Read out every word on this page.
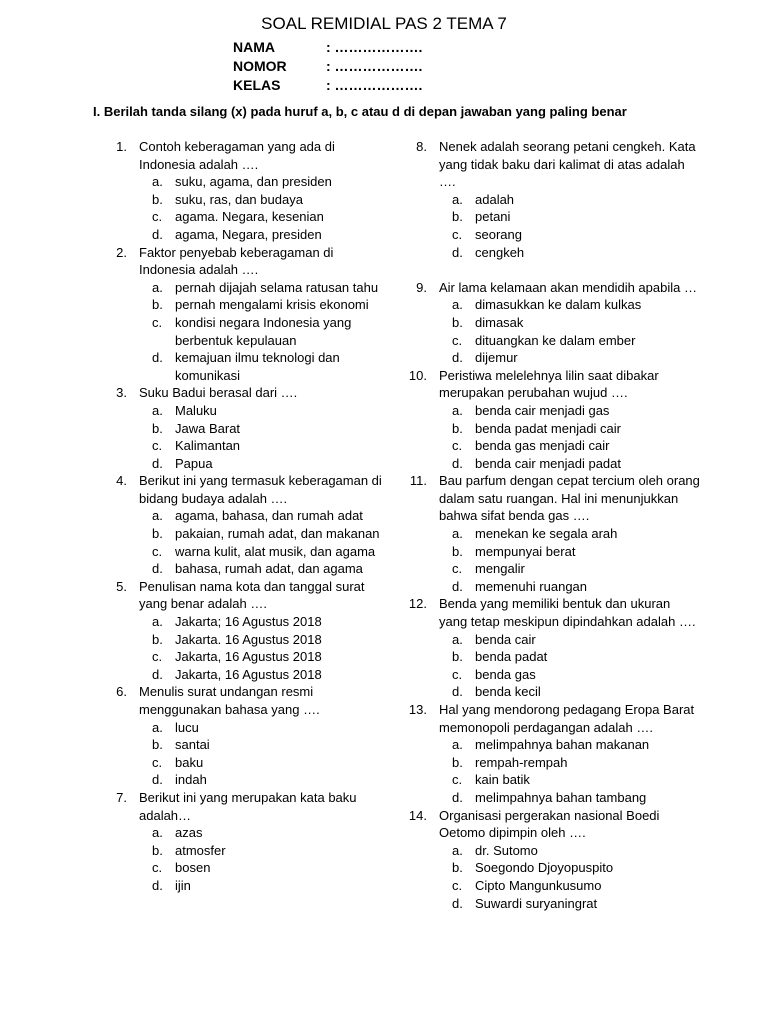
SOAL REMIDIAL PAS 2 TEMA 7
NAMA	: ……………….
NOMOR	: ……………….
KELAS	: ……………….
I. Berilah tanda silang (x) pada huruf a, b, c atau d di depan jawaban yang paling benar
1. Contoh keberagaman yang ada di Indonesia adalah ….
a. suku, agama, dan presiden
b. suku, ras, dan budaya
c. agama. Negara, kesenian
d. agama, Negara, presiden
2. Faktor penyebab keberagaman di Indonesia adalah ….
a. pernah dijajah selama ratusan tahu
b. pernah mengalami krisis ekonomi
c. kondisi negara Indonesia yang berbentuk kepulauan
d. kemajuan ilmu teknologi dan komunikasi
3. Suku Badui berasal dari ….
a. Maluku
b. Jawa Barat
c. Kalimantan
d. Papua
4. Berikut ini yang termasuk keberagaman di bidang budaya adalah ….
a. agama, bahasa, dan rumah adat
b. pakaian, rumah adat, dan makanan
c. warna kulit, alat musik, dan agama
d. bahasa, rumah adat, dan agama
5. Penulisan nama kota dan tanggal surat yang benar adalah ….
a. Jakarta; 16 Agustus 2018
b. Jakarta. 16 Agustus 2018
c. Jakarta, 16 Agustus 2018
d. Jakarta, 16 Agustus 2018
6. Menulis surat undangan resmi menggunakan bahasa yang ….
a. lucu
b. santai
c. baku
d. indah
7. Berikut ini yang merupakan kata baku adalah…
a. azas
b. atmosfer
c. bosen
d. ijin
8. Nenek adalah seorang petani cengkeh. Kata yang tidak baku dari kalimat di atas adalah ….
a. adalah
b. petani
c. seorang
d. cengkeh
9. Air lama kelamaan akan mendidih apabila …
a. dimasukkan ke dalam kulkas
b. dimasak
c. dituangkan ke dalam ember
d. dijemur
10. Peristiwa melelehnya lilin saat dibakar merupakan perubahan wujud ….
a. benda cair menjadi gas
b. benda padat menjadi cair
c. benda gas menjadi cair
d. benda cair menjadi padat
11. Bau parfum dengan cepat tercium oleh orang dalam satu ruangan. Hal ini menunjukkan bahwa sifat benda gas ….
a. menekan ke segala arah
b. mempunyai berat
c. mengalir
d. memenuhi ruangan
12. Benda yang memiliki bentuk dan ukuran yang tetap meskipun dipindahkan adalah ….
a. benda cair
b. benda padat
c. benda gas
d. benda kecil
13. Hal yang mendorong pedagang Eropa Barat memonopoli perdagangan adalah ….
a. melimpahnya bahan makanan
b. rempah-rempah
c. kain batik
d. melimpahnya bahan tambang
14. Organisasi pergerakan nasional Boedi Oetomo dipimpin oleh ….
a. dr. Sutomo
b. Soegondo Djoyopuspito
c. Cipto Mangunkusumo
d. Suwardi suryaningrat
